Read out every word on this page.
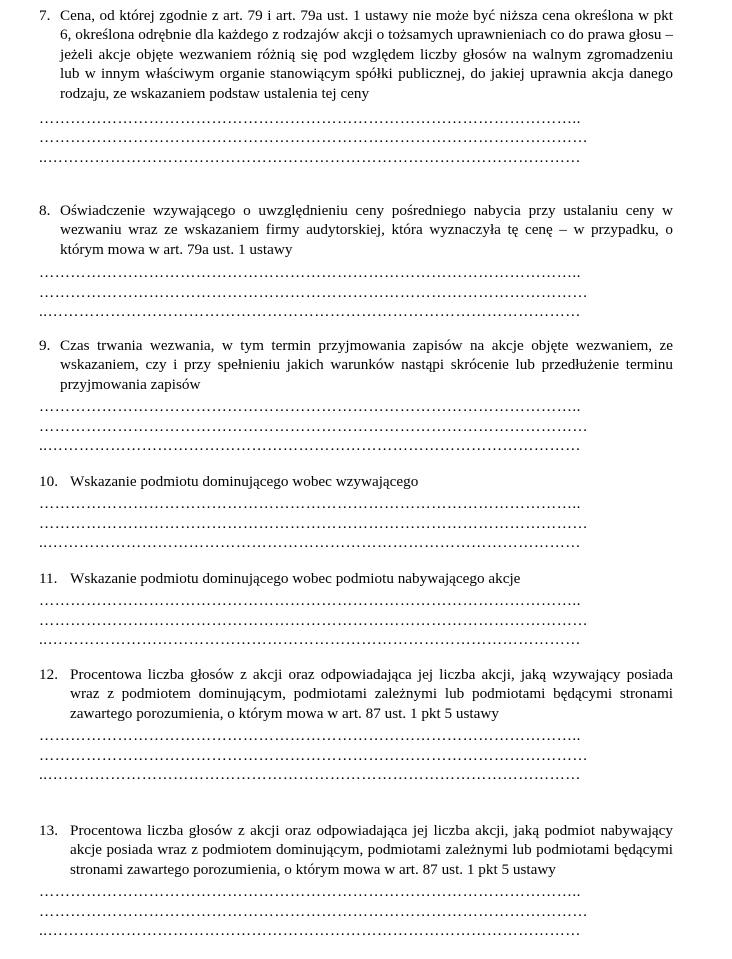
7. Cena, od której zgodnie z art. 79 i art. 79a ust. 1 ustawy nie może być niższa cena określona w pkt 6, określona odrębnie dla każdego z rodzajów akcji o tożsamych uprawnieniach co do prawa głosu – jeżeli akcje objęte wezwaniem różnią się pod względem liczby głosów na walnym zgromadzeniu lub w innym właściwym organie stanowiącym spółki publicznej, do jakiej uprawnia akcja danego rodzaju, ze wskazaniem podstaw ustalenia tej ceny
…………………………………………………………………………………………..
……………………………………………………………………………………………
..…………………………………………………………………………………………
8. Oświadczenie wzywającego o uwzględnieniu ceny pośredniego nabycia przy ustalaniu ceny w wezwaniu wraz ze wskazaniem firmy audytorskiej, która wyznaczyła tę cenę – w przypadku, o którym mowa w art. 79a ust. 1 ustawy
…………………………………………………………………………………………..
……………………………………………………………………………………………
..…………………………………………………………………………………………
9. Czas trwania wezwania, w tym termin przyjmowania zapisów na akcje objęte wezwaniem, ze wskazaniem, czy i przy spełnieniu jakich warunków nastąpi skrócenie lub przedłużenie terminu przyjmowania zapisów
…………………………………………………………………………………………..
……………………………………………………………………………………………
..…………………………………………………………………………………………
10. Wskazanie podmiotu dominującego wobec wzywającego
…………………………………………………………………………………………..
……………………………………………………………………………………………
..…………………………………………………………………………………………
11. Wskazanie podmiotu dominującego wobec podmiotu nabywającego akcje
…………………………………………………………………………………………..
……………………………………………………………………………………………
..…………………………………………………………………………………………
12. Procentowa liczba głosów z akcji oraz odpowiadająca jej liczba akcji, jaką wzywający posiada wraz z podmiotem dominującym, podmiotami zależnymi lub podmiotami będącymi stronami zawartego porozumienia, o którym mowa w art. 87 ust. 1 pkt 5 ustawy
…………………………………………………………………………………………..
……………………………………………………………………………………………
..…………………………………………………………………………………………
13. Procentowa liczba głosów z akcji oraz odpowiadająca jej liczba akcji, jaką podmiot nabywający akcje posiada wraz z podmiotem dominującym, podmiotami zależnymi lub podmiotami będącymi stronami zawartego porozumienia, o którym mowa w art. 87 ust. 1 pkt 5 ustawy
…………………………………………………………………………………………..
……………………………………………………………………………………………
..…………………………………………………………………………………………
